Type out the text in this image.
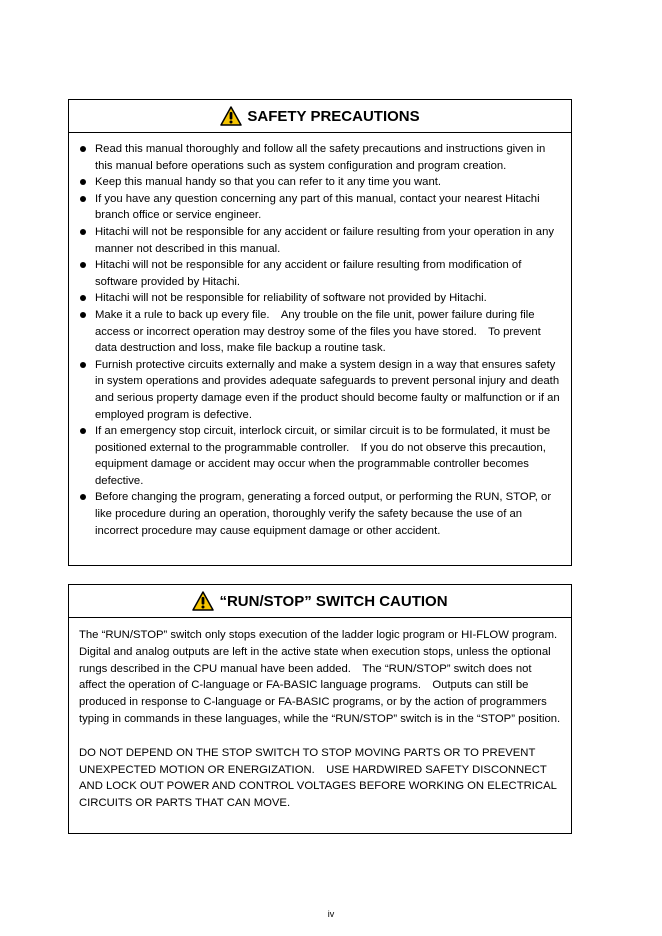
SAFETY PRECAUTIONS
Read this manual thoroughly and follow all the safety precautions and instructions given in this manual before operations such as system configuration and program creation.
Keep this manual handy so that you can refer to it any time you want.
If you have any question concerning any part of this manual, contact your nearest Hitachi branch office or service engineer.
Hitachi will not be responsible for any accident or failure resulting from your operation in any manner not described in this manual.
Hitachi will not be responsible for any accident or failure resulting from modification of software provided by Hitachi.
Hitachi will not be responsible for reliability of software not provided by Hitachi.
Make it a rule to back up every file.　Any trouble on the file unit, power failure during file access or incorrect operation may destroy some of the files you have stored.　To prevent data destruction and loss, make file backup a routine task.
Furnish protective circuits externally and make a system design in a way that ensures safety in system operations and provides adequate safeguards to prevent personal injury and death and serious property damage even if the product should become faulty or malfunction or if an employed program is defective.
If an emergency stop circuit, interlock circuit, or similar circuit is to be formulated, it must be positioned external to the programmable controller.　If you do not observe this precaution, equipment damage or accident may occur when the programmable controller becomes defective.
Before changing the program, generating a forced output, or performing the RUN, STOP, or like procedure during an operation, thoroughly verify the safety because the use of an incorrect procedure may cause equipment damage or other accident.
“RUN/STOP” SWITCH CAUTION

The “RUN/STOP” switch only stops execution of the ladder logic program or HI-FLOW program.　Digital and analog outputs are left in the active state when execution stops, unless the optional rungs described in the CPU manual have been added.　The “RUN/STOP” switch does not affect the operation of C-language or FA-BASIC language programs.　Outputs can still be produced in response to C-language or FA-BASIC programs, or by the action of programmers typing in commands in these languages, while the “RUN/STOP” switch is in the “STOP” position.

DO NOT DEPEND ON THE STOP SWITCH TO STOP MOVING PARTS OR TO PREVENT UNEXPECTED MOTION OR ENERGIZATION.　USE HARDWIRED SAFETY DISCONNECT AND LOCK OUT POWER AND CONTROL VOLTAGES BEFORE WORKING ON ELECTRICAL CIRCUITS OR PARTS THAT CAN MOVE.

iv
